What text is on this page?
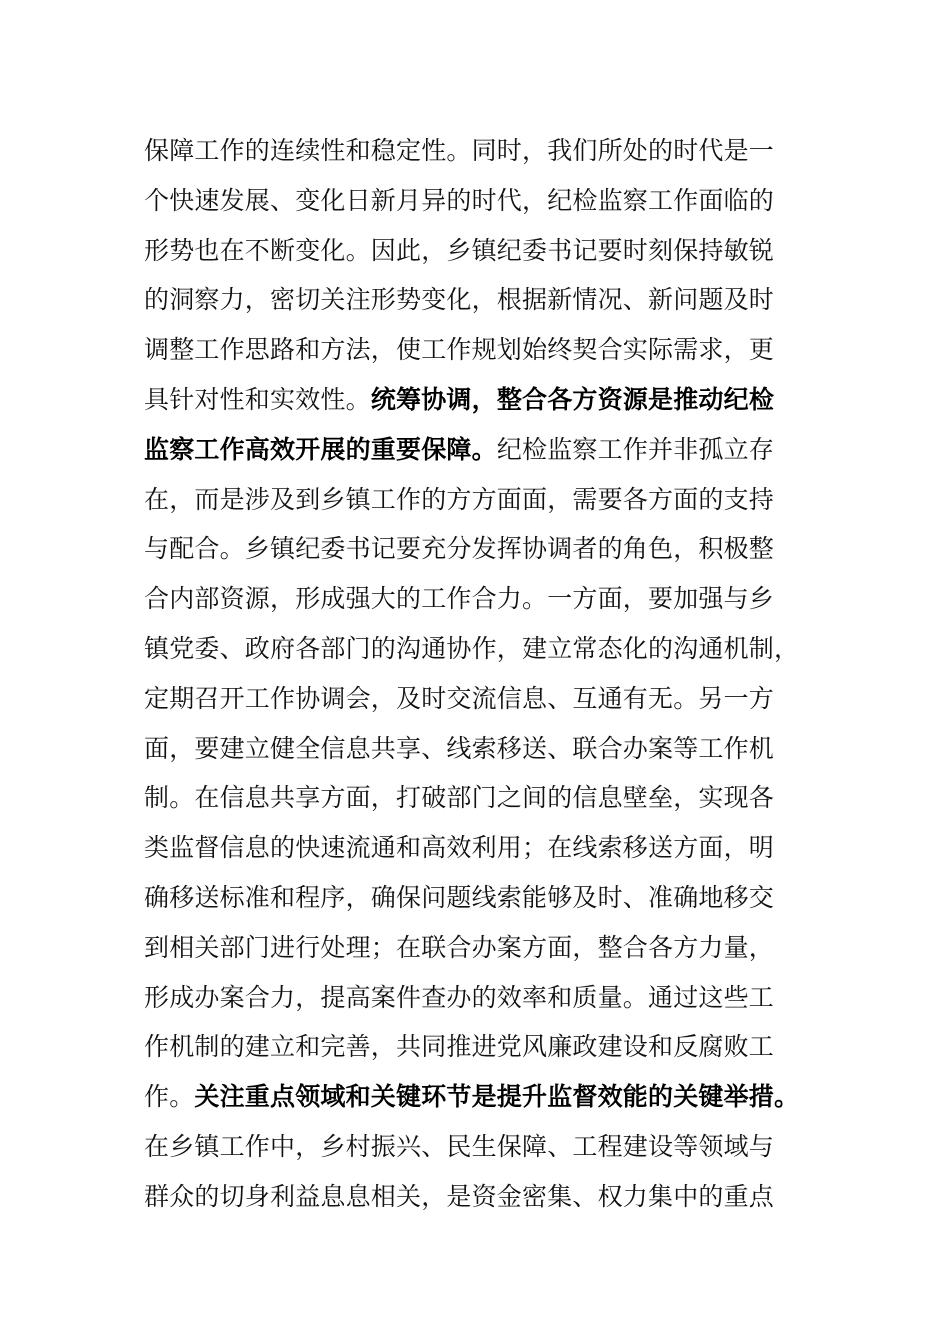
保障工作的连续性和稳定性。同时，我们所处的时代是一
个快速发展、变化日新月异的时代，纪检监察工作面临的
形势也在不断变化。因此，乡镇纪委书记要时刻保持敏锐
的洞察力，密切关注形势变化，根据新情况、新问题及时
调整工作思路和方法，使工作规划始终契合实际需求，更
具针对性和实效性。统筹协调，整合各方资源是推动纪检
监察工作高效开展的重要保障。纪检监察工作并非孤立存
在，而是涉及到乡镇工作的方方面面，需要各方面的支持
与配合。乡镇纪委书记要充分发挥协调者的角色，积极整
合内部资源，形成强大的工作合力。一方面，要加强与乡
镇党委、政府各部门的沟通协作，建立常态化的沟通机制，
定期召开工作协调会，及时交流信息、互通有无。另一方
面，要建立健全信息共享、线索移送、联合办案等工作机
制。在信息共享方面，打破部门之间的信息壁垒，实现各
类监督信息的快速流通和高效利用；在线索移送方面，明
确移送标准和程序，确保问题线索能够及时、准确地移交
到相关部门进行处理；在联合办案方面，整合各方力量，
形成办案合力，提高案件查办的效率和质量。通过这些工
作机制的建立和完善，共同推进党风廉政建设和反腐败工
作。关注重点领域和关键环节是提升监督效能的关键举措。
在乡镇工作中，乡村振兴、民生保障、工程建设等领域与
群众的切身利益息息相关，是资金密集、权力集中的重点
